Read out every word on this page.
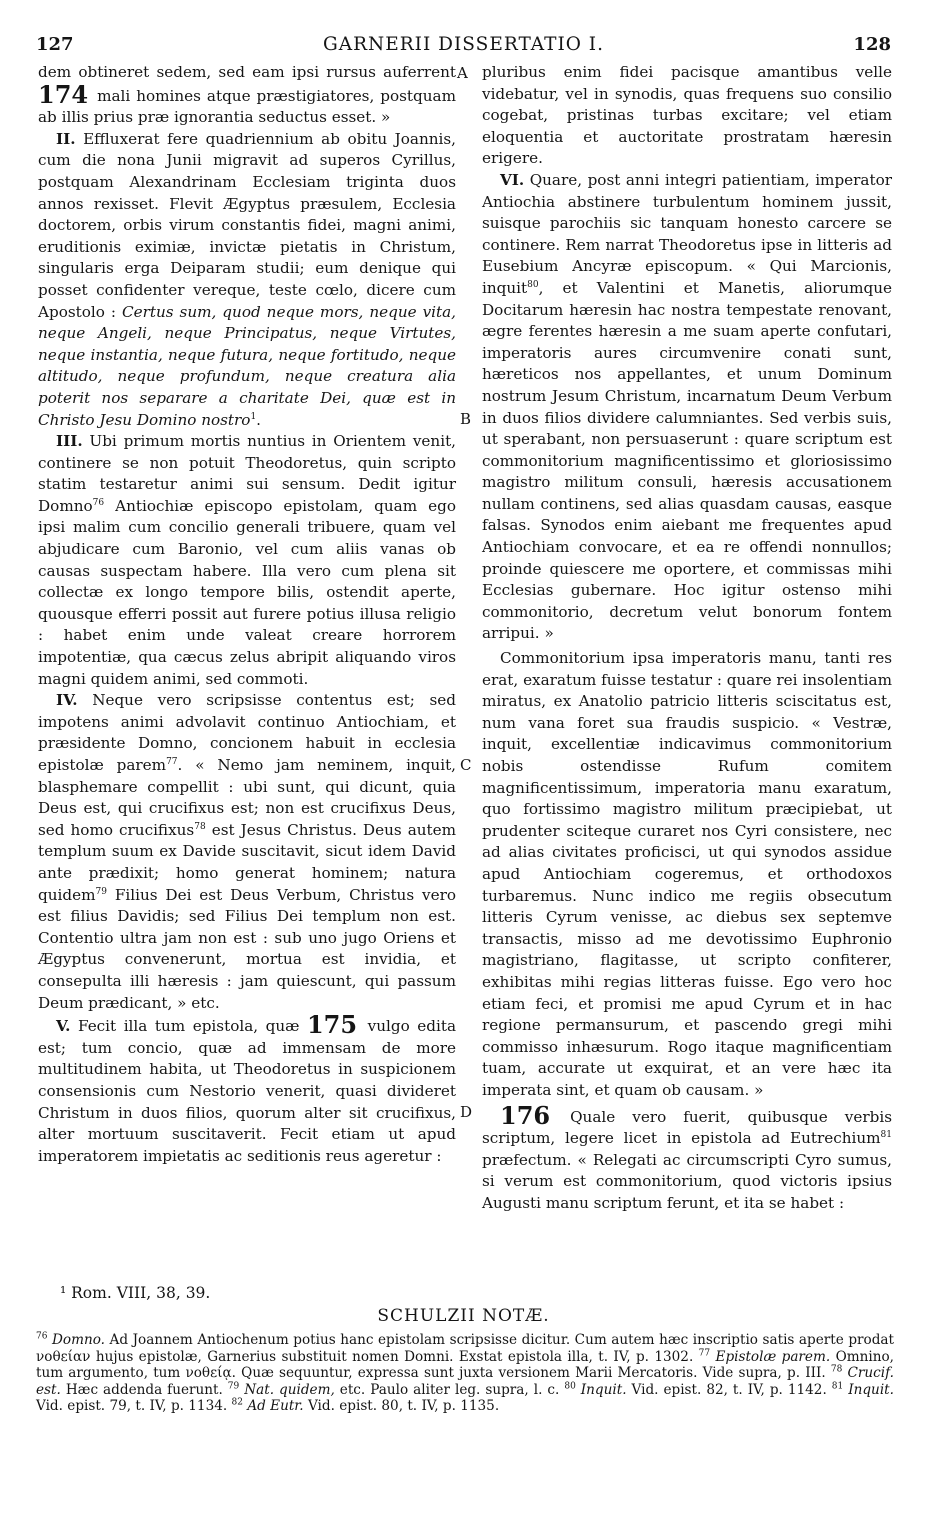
127	GARNERII DISSERTATIO I.	128
A
B
C
D

dem obtineret sedem, sed eam ipsi rursus auferrent 174 mali homines atque præstigiatores, postquam ab illis prius præ ignorantia seductus esset. »

II. Effluxerat fere quadriennium ab obitu Joannis, cum die nona Junii migravit ad superos Cyrillus, postquam Alexandrinam Ecclesiam triginta duos annos rexisset. Flevit Ægyptus præsulem, Ecclesia doctorem, orbis virum constantis fidei, magni animi, eruditionis eximiæ, invictæ pietatis in Christum, singularis erga Deiparam studii; eum denique qui posset confidenter vereque, teste cœlo, dicere cum Apostolo : Certus sum, quod neque mors, neque vita, neque Angeli, neque Principatus, neque Virtutes, neque instantia, neque futura, neque fortitudo, neque altitudo, neque profundum, neque creatura alia poterit nos separare a charitate Dei, quæ est in Christo Jesu Domino nostro$^1$.

III. Ubi primum mortis nuntius in Orientem venit, continere se non potuit Theodoretus, quin scripto statim testaretur animi sui sensum. Dedit igitur Domno$^{76}$ Antiochiæ episcopo epistolam, quam ego ipsi malim cum concilio generali tribuere, quam vel abjudicare cum Baronio, vel cum aliis vanas ob causas suspectam habere. Illa vero cum plena sit collectæ ex longo tempore bilis, ostendit aperte, quousque efferri possit aut furere potius illusa religio : habet enim unde valeat creare horrorem impotentiæ, qua cæcus zelus abripit aliquando viros magni quidem animi, sed commoti.

IV. Neque vero scripsisse contentus est; sed impotens animi advolavit continuo Antiochiam, et præsidente Domno, concionem habuit in ecclesia epistolæ parem$^{77}$. « Nemo jam neminem, inquit, blasphemare compellit : ubi sunt, qui dicunt, quia Deus est, qui crucifixus est; non est crucifixus Deus, sed homo crucifixus$^{78}$ est Jesus Christus. Deus autem templum suum ex Davide suscitavit, sicut idem David ante prædixit; homo generat hominem; natura quidem$^{79}$ Filius Dei est Deus Verbum, Christus vero est filius Davidis; sed Filius Dei templum non est. Contentio ultra jam non est : sub uno jugo Oriens et Ægyptus convenerunt, mortua est invidia, et consepulta illi hæresis : jam quiescunt, qui passum Deum prædicant, » etc.

V. Fecit illa tum epistola, quæ 175 vulgo edita est; tum concio, quæ ad immensam de more multitudinem habita, ut Theodoretus in suspicionem consensionis cum Nestorio venerit, quasi divideret Christum in duos filios, quorum alter sit crucifixus, alter mortuum suscitaverit. Fecit etiam ut apud imperatorem impietatis ac seditionis reus ageretur :

pluribus enim fidei pacisque amantibus velle videbatur, vel in synodis, quas frequens suo consilio cogebat, pristinas turbas excitare; vel etiam eloquentia et auctoritate prostratam hæresin erigere.

VI. Quare, post anni integri patientiam, imperator Antiochia abstinere turbulentum hominem jussit, suisque parochiis sic tanquam honesto carcere se continere. Rem narrat Theodoretus ipse in litteris ad Eusebium Ancyræ episcopum. « Qui Marcionis, inquit$^{80}$, et Valentini et Manetis, aliorumque Docitarum hæresin hac nostra tempestate renovant, ægre ferentes hæresin a me suam aperte confutari, imperatoris aures circumvenire conati sunt, hæreticos nos appellantes, et unum Dominum nostrum Jesum Christum, incarnatum Deum Verbum in duos filios dividere calumniantes. Sed verbis suis, ut sperabant, non persuaserunt : quare scriptum est commonitorium magnificentissimo et gloriosissimo magistro militum consuli, hæresis accusationem nullam continens, sed alias quasdam causas, easque falsas. Synodos enim aiebant me frequentes apud Antiochiam convocare, et ea re offendi nonnullos; proinde quiescere me oportere, et commissas mihi Ecclesias gubernare. Hoc igitur ostenso mihi commonitorio, decretum velut bonorum fontem arripui. »

Commonitorium ipsa imperatoris manu, tanti res erat, exaratum fuisse testatur : quare rei insolentiam miratus, ex Anatolio patricio litteris sciscitatus est, num vana foret sua fraudis suspicio. « Vestræ, inquit, excellentiæ indicavimus commonitorium nobis ostendisse Rufum comitem magnificentissimum, imperatoria manu exaratum, quo fortissimo magistro militum præcipiebat, ut prudenter sciteque curaret nos Cyri consistere, nec ad alias civitates proficisci, ut qui synodos assidue apud Antiochiam cogeremus, et orthodoxos turbaremus. Nunc indico me regiis obsecutum litteris Cyrum venisse, ac diebus sex septemve transactis, misso ad me devotissimo Euphronio magistriano, flagitasse, ut scripto confiterer, exhibitas mihi regias litteras fuisse. Ego vero hoc etiam feci, et promisi me apud Cyrum et in hac regione permansurum, et pascendo gregi mihi commisso inhæsurum. Rogo itaque magnificentiam tuam, accurate ut exquirat, et an vere hæc ita imperata sint, et quam ob causam. »

176 Quale vero fuerit, quibusque verbis scriptum, legere licet in epistola ad Eutrechium$^{81}$ præfectum. « Relegati ac circumscripti Cyro sumus, si verum est commonitorium, quod victoris ipsius Augusti manu scriptum ferunt, et ita se habet :

¹ Rom. VIII, 38, 39.
SCHULZII NOTÆ.
$^{76}$ Domno. Ad Joannem Antiochenum potius hanc epistolam scripsisse dicitur. Cum autem hæc inscriptio satis aperte prodat νοθείαν hujus epistolæ, Garnerius substituit nomen Domni. Exstat epistola illa, t. IV, p. 1302. $^{77}$ Epistolæ parem. Omnino, tum argumento, tum νοθείᾳ. Quæ sequuntur, expressa sunt juxta versionem Marii Mercatoris. Vide supra, p. III. $^{78}$ Crucif. est. Hæc addenda fuerunt. $^{79}$ Nat. quidem, etc. Paulo aliter leg. supra, l. c. $^{80}$ Inquit. Vid. epist. 82, t. IV, p. 1142. $^{81}$ Inquit. Vid. epist. 79, t. IV, p. 1134. $^{82}$ Ad Eutr. Vid. epist. 80, t. IV, p. 1135.
